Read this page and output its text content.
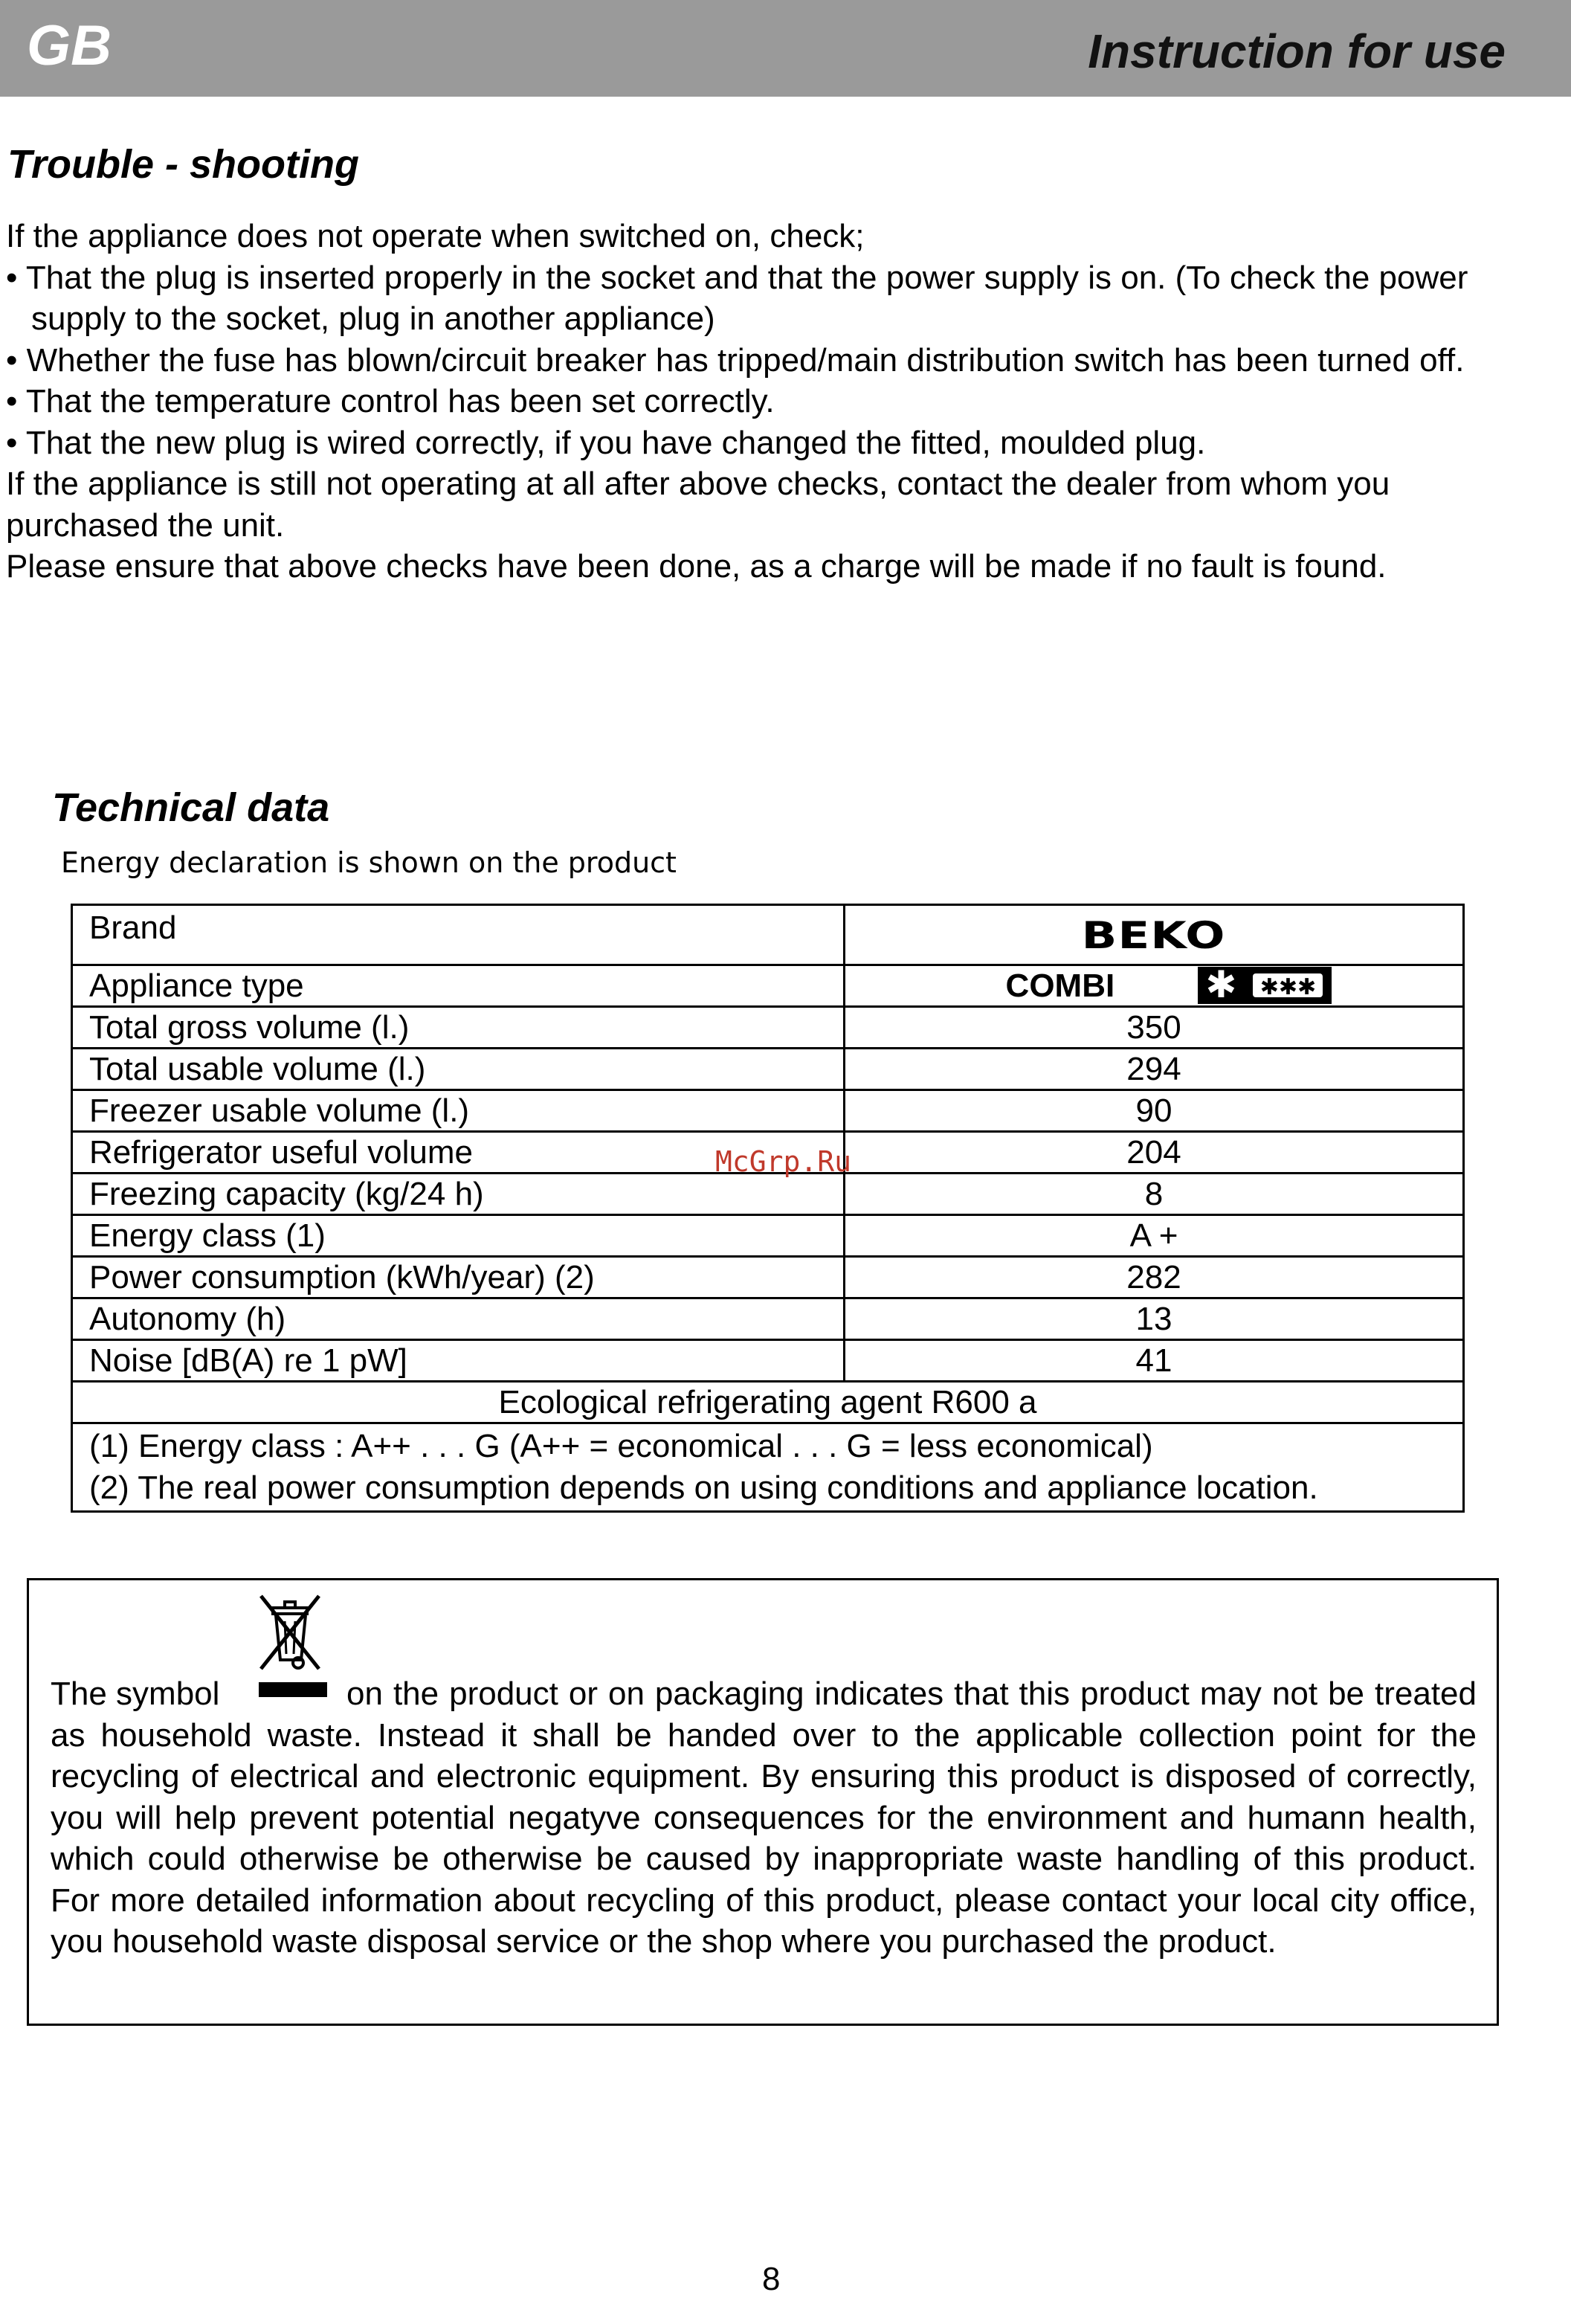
GB	Instruction for use
Trouble - shooting

If the appliance does not operate when switched on, check;

• That the plug is inserted properly in the socket and that the power supply is on. (To check the power supply to the socket, plug in another appliance)

• Whether the fuse has blown/circuit breaker has tripped/main distribution switch has been turned off.

• That the temperature control has been set correctly.

• That the new plug is wired correctly, if you have changed the fitted, moulded plug.

If the appliance is still not operating at all after above checks, contact the dealer from whom you purchased the unit.

Please ensure that above checks have been done, as a charge will be made if no fault is found.

Technical data
Energy declaration is shown on the product
Brand	BEKO
Appliance type	COMBI ✱ ✱✱✱

Total gross volume (l.)	350
Total usable volume (l.)	294
Freezer usable volume (l.)	90
Refrigerator useful volume	204
Freezing capacity (kg/24 h)	8
Energy class (1)	A +
Power consumption (kWh/year) (2)	282
Autonomy (h)	13
Noise [dB(A) re 1 pW]	41
Ecological refrigerating agent R600 a	

(1) Energy class : A++ . . . G (A++ = economical . . . G = less economical)
(2) The real power consumption depends on using conditions and appliance location.	
McGrp.Ru
The symbol	on the product or on packaging indicates that this product may not be treated as household waste. Instead it shall be handed over to the applicable collection point for the recycling of electrical and electronic equipment. By ensuring this product is disposed of correctly, you will help prevent potential negatyve consequences for the environment and humann health, which could otherwise be otherwise be caused by inappropriate waste handling of this product. For more detailed information about recycling of this product, please contact your local city office, you household waste disposal service or the shop where you purchased the product.
8
